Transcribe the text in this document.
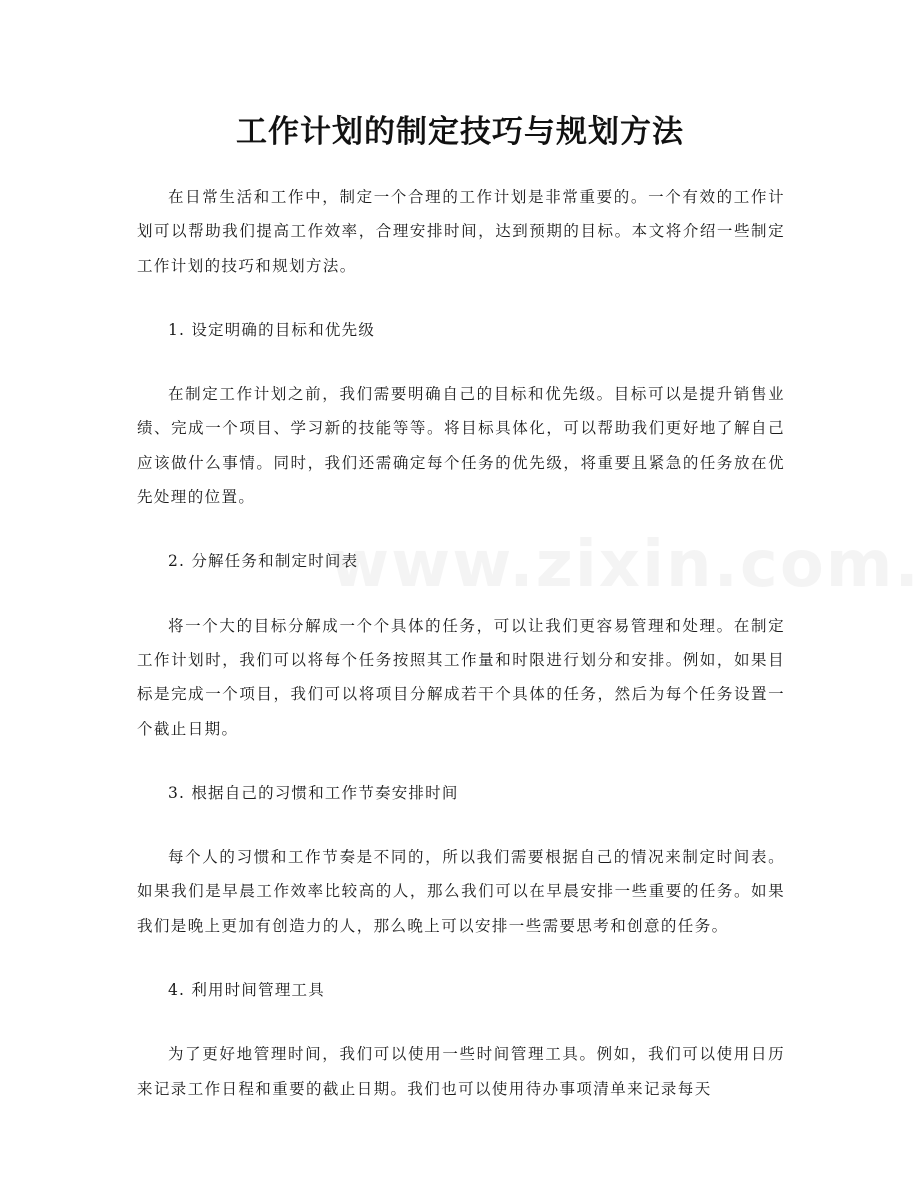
工作计划的制定技巧与规划方法

在日常生活和工作中，制定一个合理的工作计划是非常重要的。一个有效的工作计划可以帮助我们提高工作效率，合理安排时间，达到预期的目标。本文将介绍一些制定工作计划的技巧和规划方法。

1. 设定明确的目标和优先级

在制定工作计划之前，我们需要明确自己的目标和优先级。目标可以是提升销售业绩、完成一个项目、学习新的技能等等。将目标具体化，可以帮助我们更好地了解自己应该做什么事情。同时，我们还需确定每个任务的优先级，将重要且紧急的任务放在优先处理的位置。

2. 分解任务和制定时间表

将一个大的目标分解成一个个具体的任务，可以让我们更容易管理和处理。在制定工作计划时，我们可以将每个任务按照其工作量和时限进行划分和安排。例如，如果目标是完成一个项目，我们可以将项目分解成若干个具体的任务，然后为每个任务设置一个截止日期。

3. 根据自己的习惯和工作节奏安排时间

每个人的习惯和工作节奏是不同的，所以我们需要根据自己的情况来制定时间表。如果我们是早晨工作效率比较高的人，那么我们可以在早晨安排一些重要的任务。如果我们是晚上更加有创造力的人，那么晚上可以安排一些需要思考和创意的任务。

4. 利用时间管理工具

为了更好地管理时间，我们可以使用一些时间管理工具。例如，我们可以使用日历来记录工作日程和重要的截止日期。我们也可以使用待办事项清单来记录每天
